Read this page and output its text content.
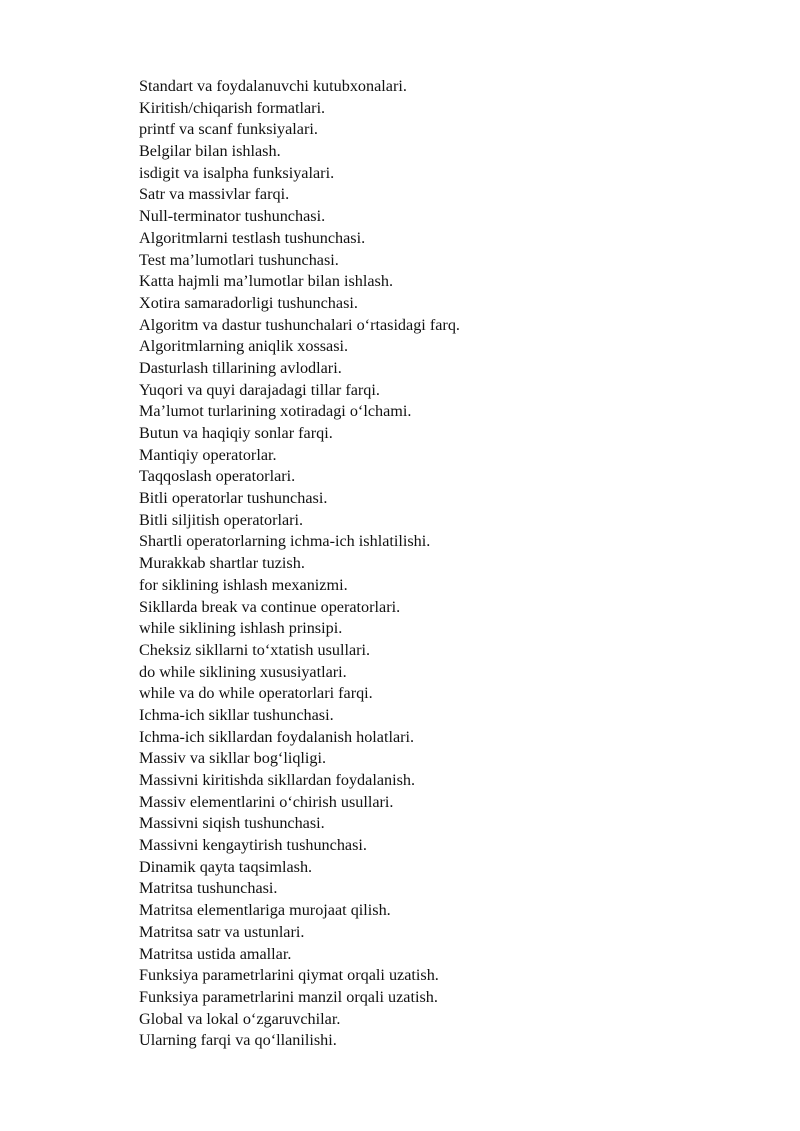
Standart va foydalanuvchi kutubxonalari.
Kiritish/chiqarish formatlari.
printf va scanf funksiyalari.
Belgilar bilan ishlash.
isdigit va isalpha funksiyalari.
Satr va massivlar farqi.
Null-terminator tushunchasi.
Algoritmlarni testlash tushunchasi.
Test ma’lumotlari tushunchasi.
Katta hajmli ma’lumotlar bilan ishlash.
Xotira samaradorligi tushunchasi.
Algoritm va dastur tushunchalari o‘rtasidagi farq.
Algoritmlarning aniqlik xossasi.
Dasturlash tillarining avlodlari.
Yuqori va quyi darajadagi tillar farqi.
Ma’lumot turlarining xotiradagi o‘lchami.
Butun va haqiqiy sonlar farqi.
Mantiqiy operatorlar.
Taqqoslash operatorlari.
Bitli operatorlar tushunchasi.
Bitli siljitish operatorlari.
Shartli operatorlarning ichma-ich ishlatilishi.
Murakkab shartlar tuzish.
for siklining ishlash mexanizmi.
Sikllarda break va continue operatorlari.
while siklining ishlash prinsipi.
Cheksiz sikllarni to‘xtatish usullari.
do while siklining xususiyatlari.
while va do while operatorlari farqi.
Ichma-ich sikllar tushunchasi.
Ichma-ich sikllardan foydalanish holatlari.
Massiv va sikllar bog‘liqligi.
Massivni kiritishda sikllardan foydalanish.
Massiv elementlarini o‘chirish usullari.
Massivni siqish tushunchasi.
Massivni kengaytirish tushunchasi.
Dinamik qayta taqsimlash.
Matritsa tushunchasi.
Matritsa elementlariga murojaat qilish.
Matritsa satr va ustunlari.
Matritsa ustida amallar.
Funksiya parametrlarini qiymat orqali uzatish.
Funksiya parametrlarini manzil orqali uzatish.
Global va lokal o‘zgaruvchilar.
Ularning farqi va qo‘llanilishi.
